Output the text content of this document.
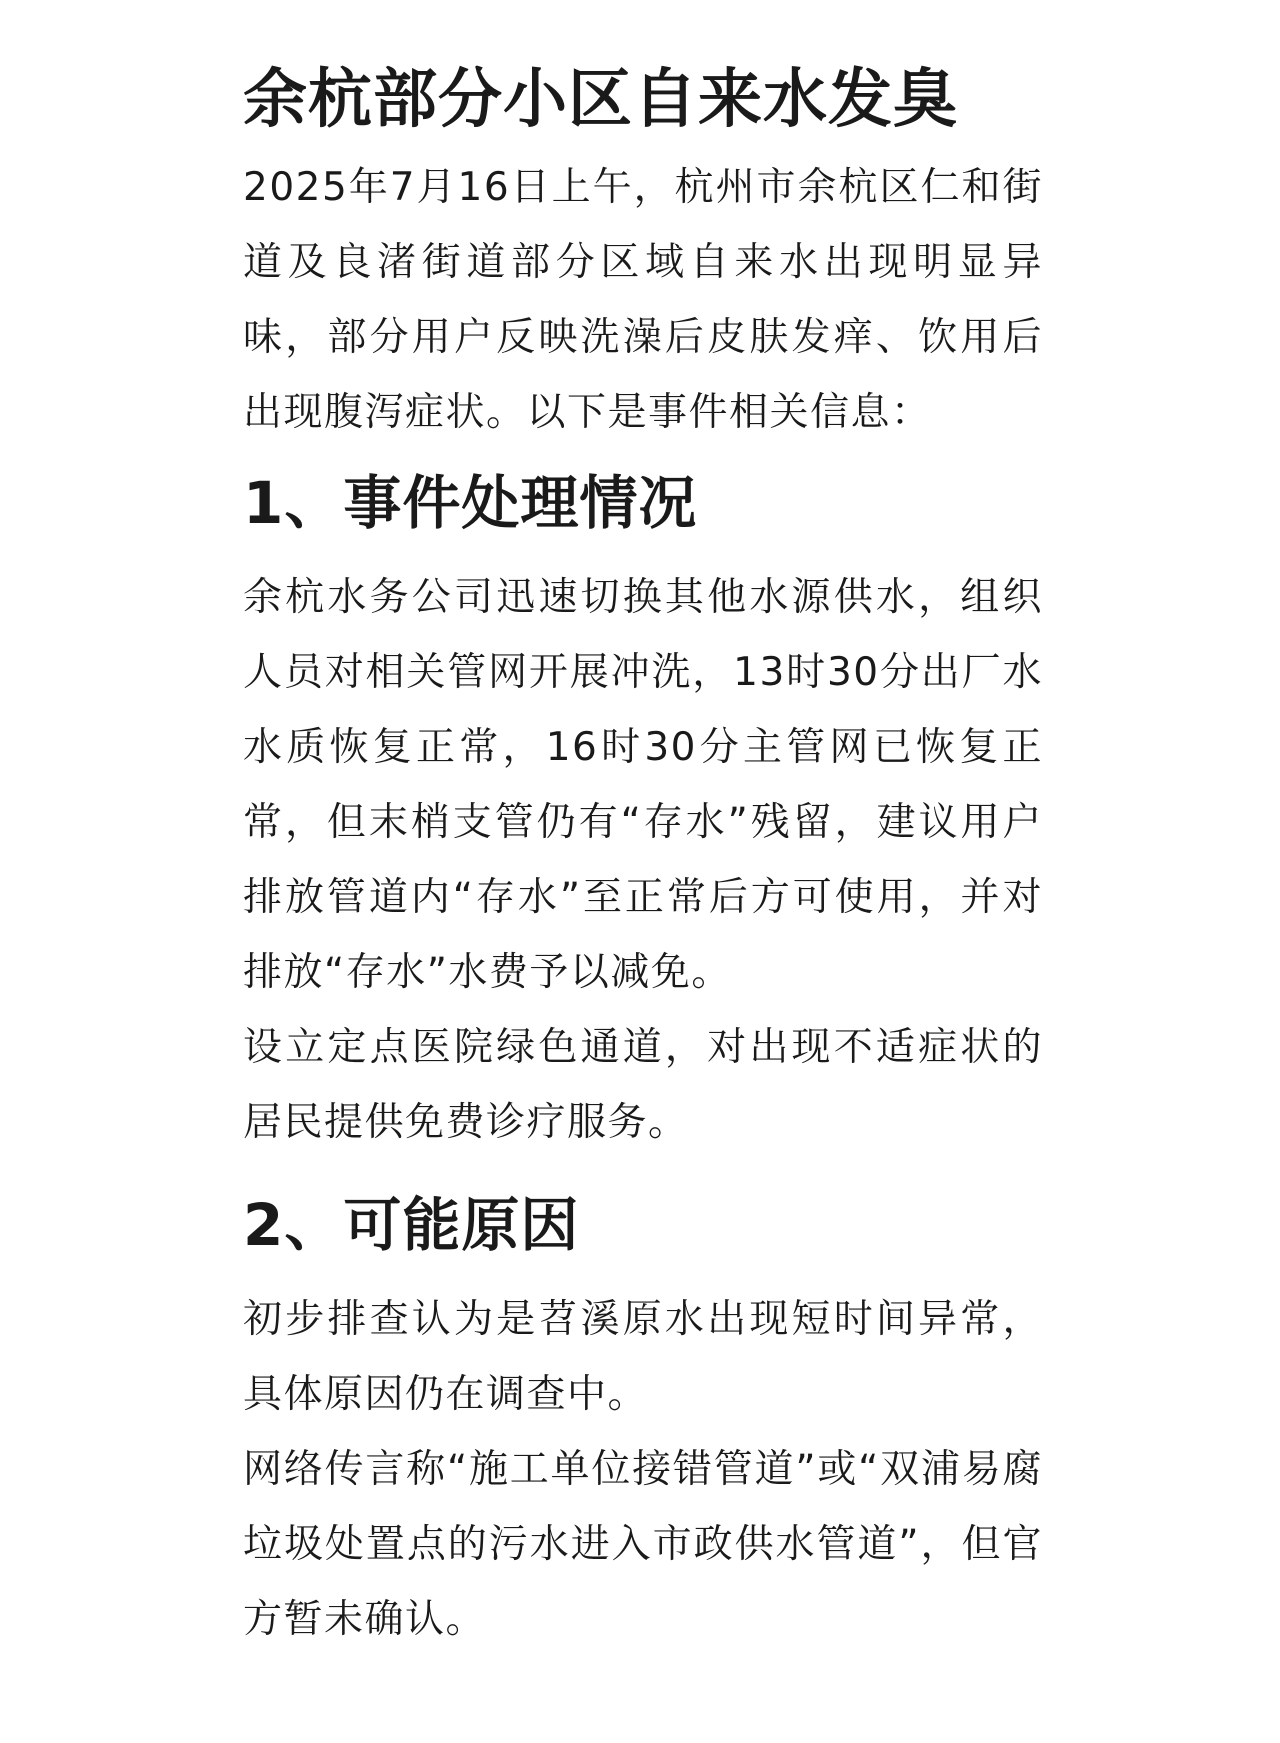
余杭部分小区自来水发臭

2025年7月16日上午，杭州市余杭区仁和街道及良渚街道部分区域自来水出现明显异味，部分用户反映洗澡后皮肤发痒、饮用后出现腹泻症状。以下是事件相关信息：

1、事件处理情况

余杭水务公司迅速切换其他水源供水，组织人员对相关管网开展冲洗，13时30分出厂水水质恢复正常，16时30分主管网已恢复正常，但末梢支管仍有“存水”残留，建议用户排放管道内“存水”至正常后方可使用，并对排放“存水”水费予以减免。

设立定点医院绿色通道，对出现不适症状的居民提供免费诊疗服务。

2、可能原因

初步排查认为是苕溪原水出现短时间异常，具体原因仍在调查中。

网络传言称“施工单位接错管道”或“双浦易腐垃圾处置点的污水进入市政供水管道”，但官方暂未确认。
